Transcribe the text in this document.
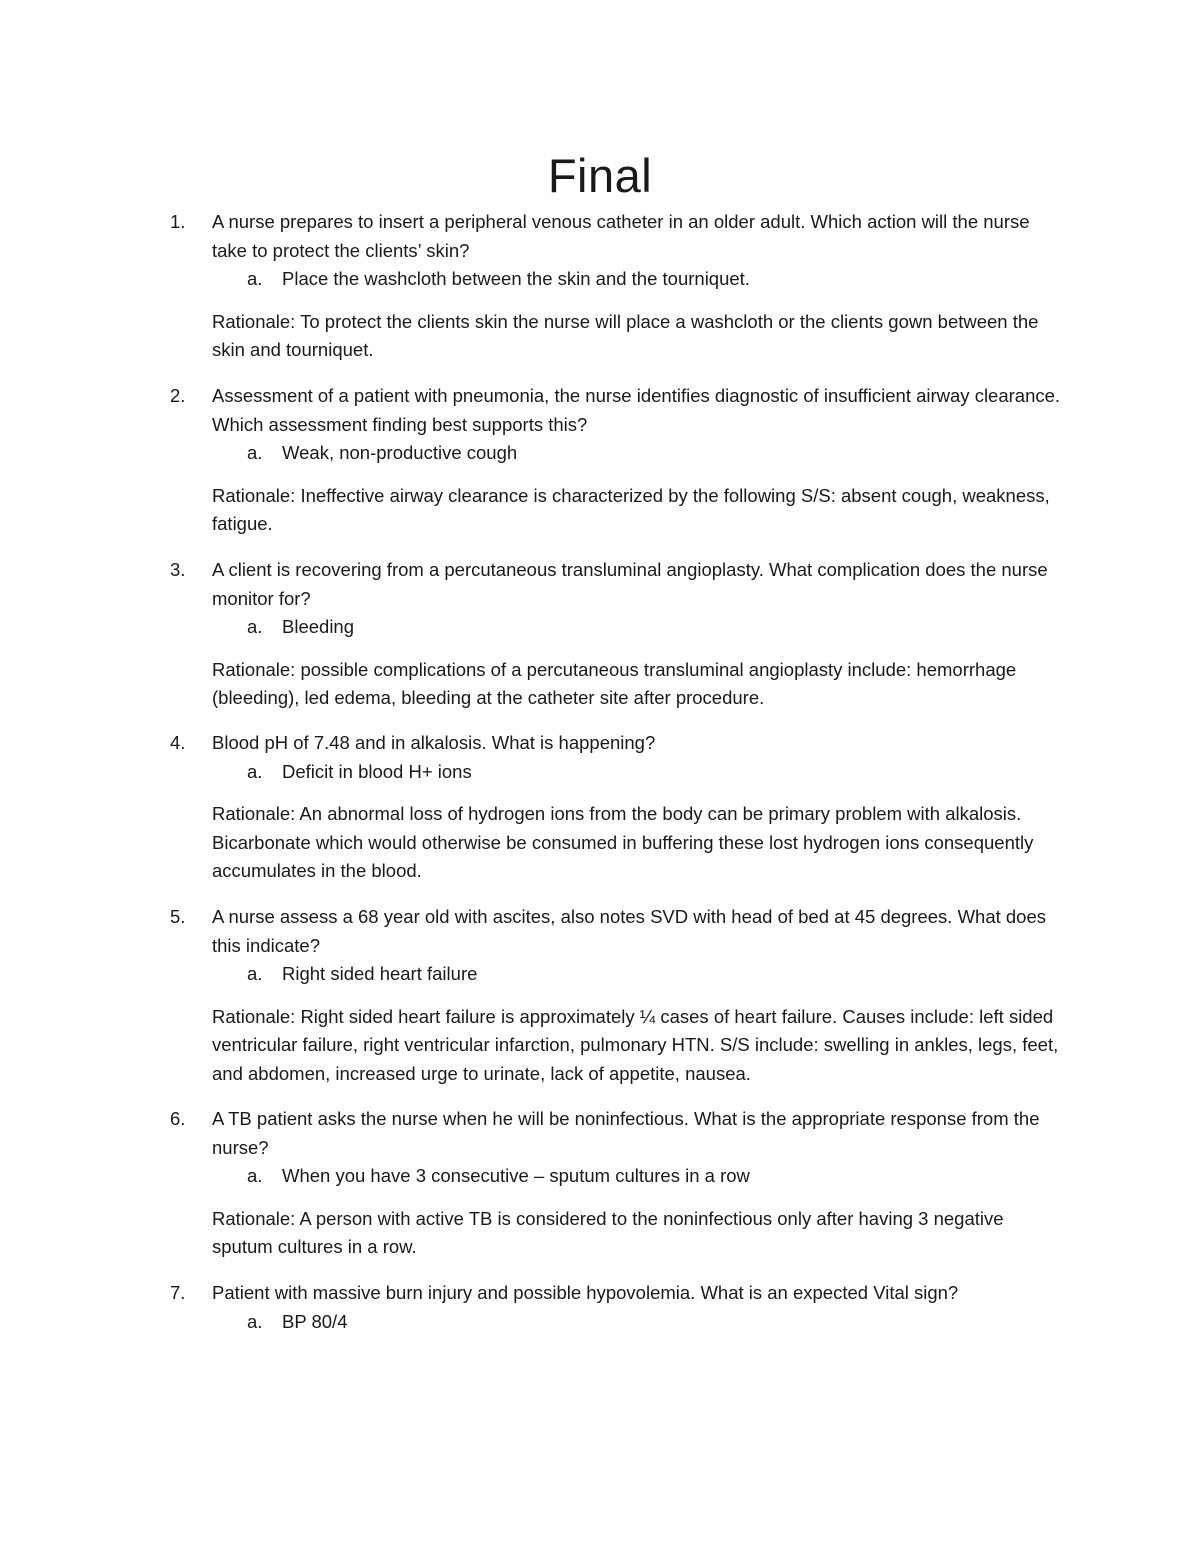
Final
1.	A nurse prepares to insert a peripheral venous catheter in an older adult. Which action will the nurse take to protect the clients’ skin?
a. Place the washcloth between the skin and the tourniquet.
Rationale: To protect the clients skin the nurse will place a washcloth or the clients gown between the skin and tourniquet.
2.	Assessment of a patient with pneumonia, the nurse identifies diagnostic of insufficient airway clearance. Which assessment finding best supports this?
a. Weak, non-productive cough
Rationale: Ineffective airway clearance is characterized by the following S/S: absent cough, weakness, fatigue.
3.	A client is recovering from a percutaneous transluminal angioplasty. What complication does the nurse monitor for?
a. Bleeding
Rationale: possible complications of a percutaneous transluminal angioplasty include: hemorrhage (bleeding), led edema, bleeding at the catheter site after procedure.
4.	Blood pH of 7.48 and in alkalosis. What is happening?
a. Deficit in blood H+ ions
Rationale: An abnormal loss of hydrogen ions from the body can be primary problem with alkalosis. Bicarbonate which would otherwise be consumed in buffering these lost hydrogen ions consequently accumulates in the blood.
5.	A nurse assess a 68 year old with ascites, also notes SVD with head of bed at 45 degrees. What does this indicate?
a. Right sided heart failure
Rationale: Right sided heart failure is approximately ¼ cases of heart failure. Causes include: left sided ventricular failure, right ventricular infarction, pulmonary HTN. S/S include: swelling in ankles, legs, feet, and abdomen, increased urge to urinate, lack of appetite, nausea.
6.	A TB patient asks the nurse when he will be noninfectious. What is the appropriate response from the nurse?
a. When you have 3 consecutive – sputum cultures in a row
Rationale: A person with active TB is considered to the noninfectious only after having 3 negative sputum cultures in a row.
7.	Patient with massive burn injury and possible hypovolemia. What is an expected Vital sign?
a. BP 80/4
